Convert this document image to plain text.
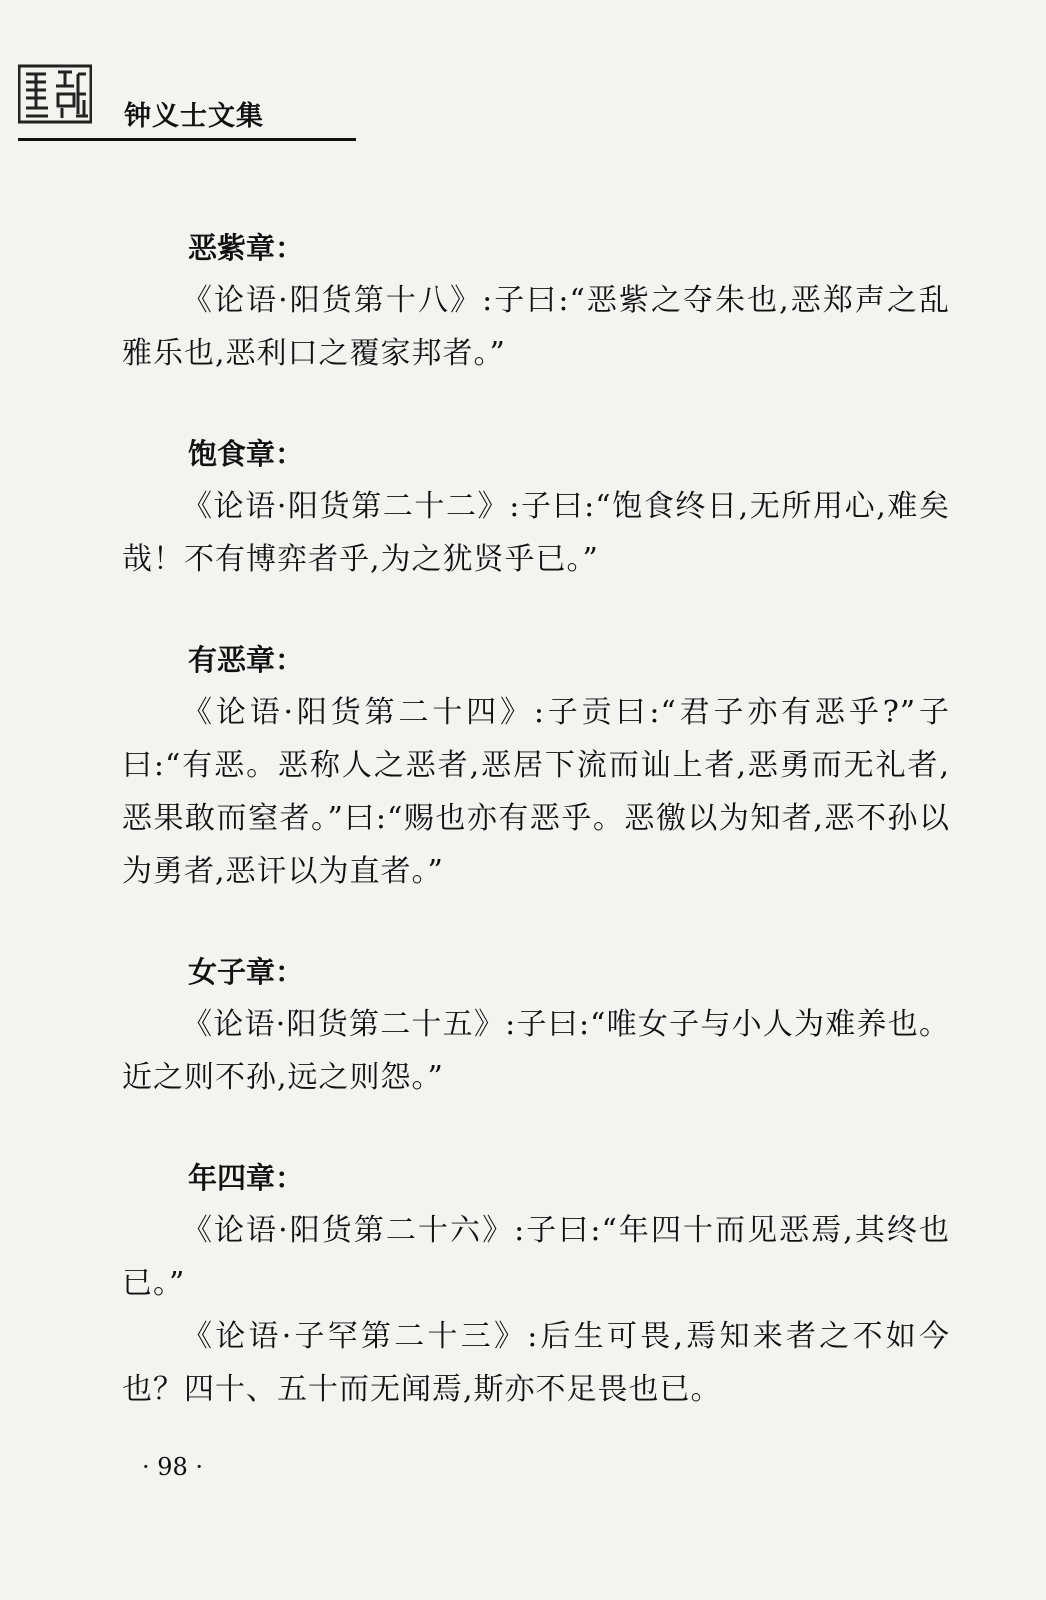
钟义士文集
恶紫章：

《论语·阳货第十八》:子曰:“恶紫之夺朱也,恶郑声之乱雅乐也,恶利口之覆家邦者。”

饱食章：

《论语·阳货第二十二》:子曰:“饱食终日,无所用心,难矣哉！不有博弈者乎,为之犹贤乎已。”

有恶章：

《论语·阳货第二十四》:子贡曰:“君子亦有恶乎?”子曰:“有恶。恶称人之恶者,恶居下流而讪上者,恶勇而无礼者,恶果敢而窒者。”曰:“赐也亦有恶乎。恶徼以为知者,恶不孙以为勇者,恶讦以为直者。”

女子章：

《论语·阳货第二十五》:子曰:“唯女子与小人为难养也。近之则不孙,远之则怨。”

年四章：

《论语·阳货第二十六》:子曰:“年四十而见恶焉,其终也已。”

《论语·子罕第二十三》:后生可畏,焉知来者之不如今也？四十、五十而无闻焉,斯亦不足畏也已。

· 98 ·
